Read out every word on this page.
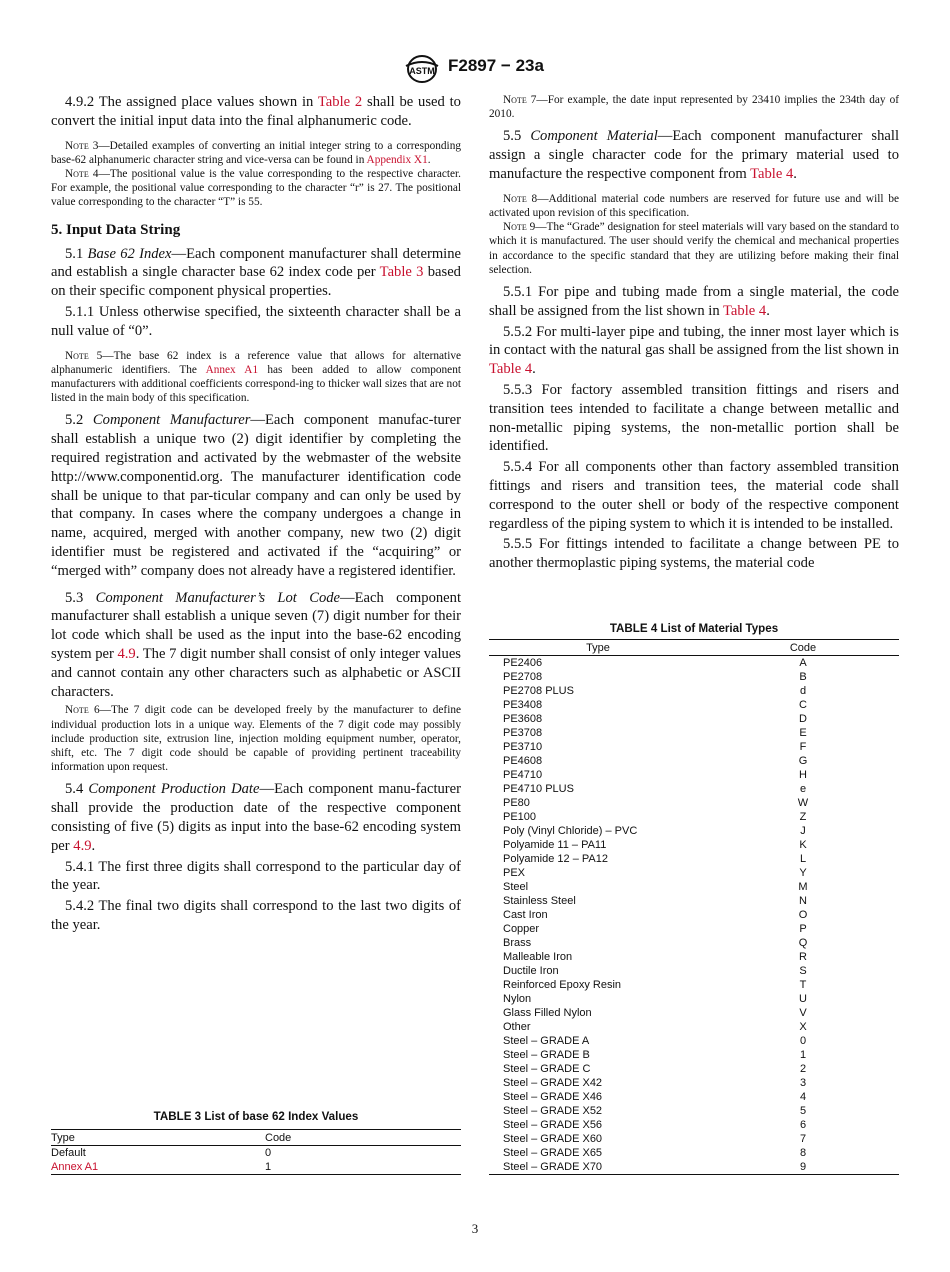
ASTM F2897 − 23a

4.9.2 The assigned place values shown in Table 2 shall be used to convert the initial input data into the final alphanumeric code.

Note 3—Detailed examples of converting an initial integer string to a corresponding base-62 alphanumeric character string and vice-versa can be found in Appendix X1.

Note 4—The positional value is the value corresponding to the respective character. For example, the positional value corresponding to the character “r” is 27. The positional value corresponding to the character “T” is 55.

5. Input Data String

5.1 Base 62 Index—Each component manufacturer shall determine and establish a single character base 62 index code per Table 3 based on their specific component physical properties.

5.1.1 Unless otherwise specified, the sixteenth character shall be a null value of “0”.

Note 5—The base 62 index is a reference value that allows for alternative alphanumeric identifiers. The Annex A1 has been added to allow component manufacturers with additional coefficients correspond-ing to thicker wall sizes that are not listed in the main body of this specification.

5.2 Component Manufacturer—Each component manufac-turer shall establish a unique two (2) digit identifier by completing the required registration and activated by the webmaster of the website http://www.componentid.org. The manufacturer identification code shall be unique to that par-ticular company and can only be used by that company. In cases where the company undergoes a change in name, acquired, merged with another company, new two (2) digit identifier must be registered and activated if the “acquiring” or “merged with” company does not already have a registered identifier.

5.3 Component Manufacturer’s Lot Code—Each component manufacturer shall establish a unique seven (7) digit number for their lot code which shall be used as the input into the base-62 encoding system per 4.9. The 7 digit number shall consist of only integer values and cannot contain any other characters such as alphabetic or ASCII characters.

Note 6—The 7 digit code can be developed freely by the manufacturer to define individual production lots in a unique way. Elements of the 7 digit code may possibly include production site, extrusion line, injection molding equipment number, operator, shift, etc. The 7 digit code should be capable of providing pertinent traceability information upon request.

5.4 Component Production Date—Each component manu-facturer shall provide the production date of the respective component consisting of five (5) digits as input into the base-62 encoding system per 4.9.

5.4.1 The first three digits shall correspond to the particular day of the year.

5.4.2 The final two digits shall correspond to the last two digits of the year.

TABLE 3 List of base 62 Index Values
Type	Code
Default	0
Annex A1	1

Note 7—For example, the date input represented by 23410 implies the 234th day of 2010.

5.5 Component Material—Each component manufacturer shall assign a single character code for the primary material used to manufacture the respective component from Table 4.

Note 8—Additional material code numbers are reserved for future use and will be activated upon revision of this specification.

Note 9—The “Grade” designation for steel materials will vary based on the standard to which it is manufactured. The user should verify the chemical and mechanical properties in accordance to the specific standard that they are utilizing before making their final selection.

5.5.1 For pipe and tubing made from a single material, the code shall be assigned from the list shown in Table 4.

5.5.2 For multi-layer pipe and tubing, the inner most layer which is in contact with the natural gas shall be assigned from the list shown in Table 4.

5.5.3 For factory assembled transition fittings and risers and transition tees intended to facilitate a change between metallic and non-metallic piping systems, the non-metallic portion shall be identified.

5.5.4 For all components other than factory assembled transition fittings and risers and transition tees, the material code shall correspond to the outer shell or body of the respective component regardless of the piping system to which it is intended to be installed.

5.5.5 For fittings intended to facilitate a change between PE to another thermoplastic piping systems, the material code

TABLE 4 List of Material Types
Type	Code
PE2406	A
PE2708	B
PE2708 PLUS	d
PE3408	C
PE3608	D
PE3708	E
PE3710	F
PE4608	G
PE4710	H
PE4710 PLUS	e
PE80	W
PE100	Z
Poly (Vinyl Chloride) – PVC	J
Polyamide 11 – PA11	K
Polyamide 12 – PA12	L
PEX	Y
Steel	M
Stainless Steel	N
Cast Iron	O
Copper	P
Brass	Q
Malleable Iron	R
Ductile Iron	S
Reinforced Epoxy Resin	T
Nylon	U
Glass Filled Nylon	V
Other	X
Steel – GRADE A	0
Steel – GRADE B	1
Steel – GRADE C	2
Steel – GRADE X42	3
Steel – GRADE X46	4
Steel – GRADE X52	5
Steel – GRADE X56	6
Steel – GRADE X60	7
Steel – GRADE X65	8
Steel – GRADE X70	9
3
